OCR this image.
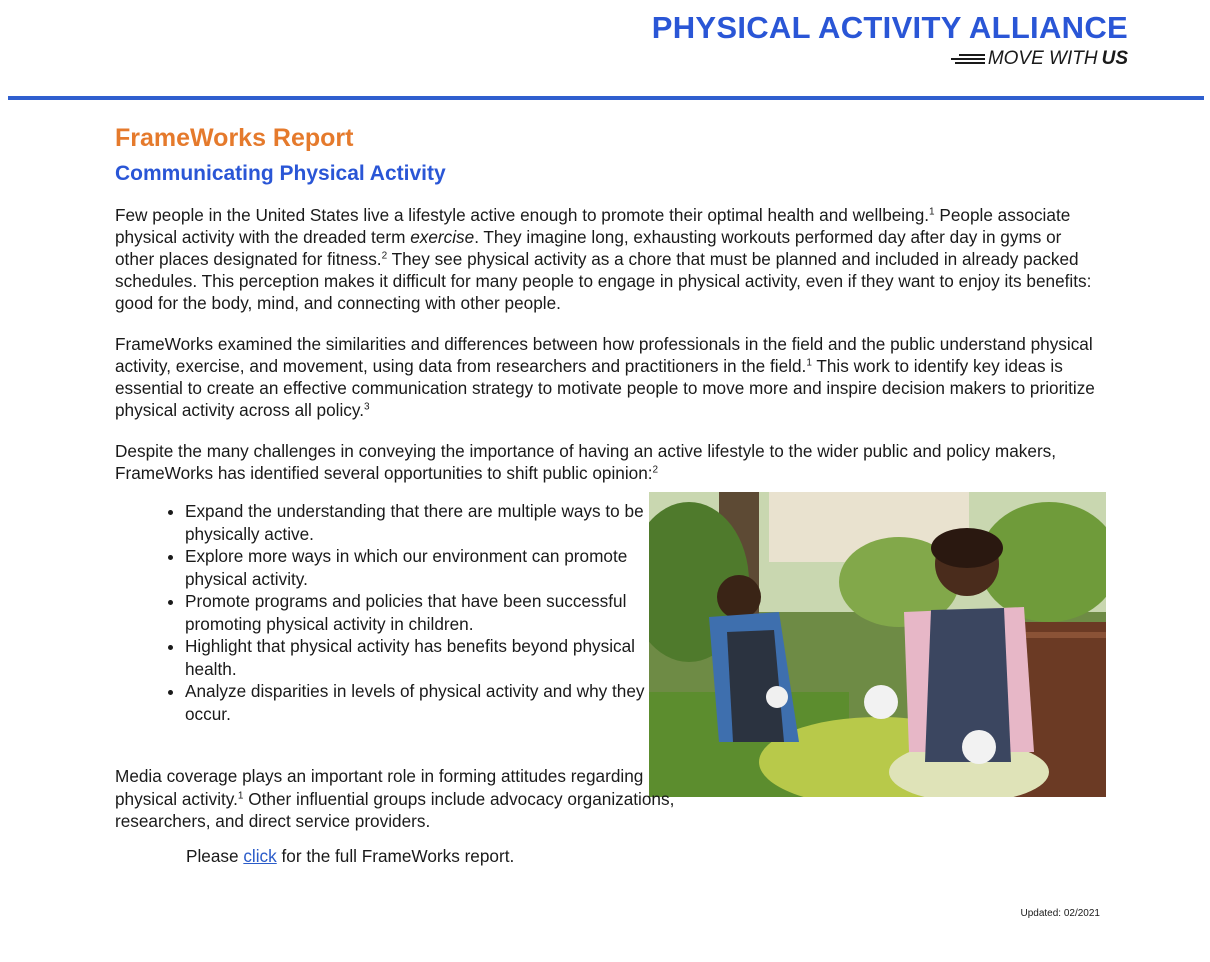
PHYSICAL ACTIVITY ALLIANCE
MOVE WITH US
FrameWorks Report
Communicating Physical Activity

Few people in the United States live a lifestyle active enough to promote their optimal health and wellbeing.$^1$ People associate physical activity with the dreaded term exercise. They imagine long, exhausting workouts performed day after day in gyms or other places designated for fitness.$^2$ They see physical activity as a chore that must be planned and included in already packed schedules. This perception makes it difficult for many people to engage in physical activity, even if they want to enjoy its benefits: good for the body, mind, and connecting with other people.

FrameWorks examined the similarities and differences between how professionals in the field and the public understand physical activity, exercise, and movement, using data from researchers and practitioners in the field.$^1$ This work to identify key ideas is essential to create an effective communication strategy to motivate people to move more and inspire decision makers to prioritize physical activity across all policy.$^3$

Despite the many challenges in conveying the importance of having an active lifestyle to the wider public and policy makers, FrameWorks has identified several opportunities to shift public opinion:$^2$

• Expand the understanding that there are multiple ways to be physically active.
• Explore more ways in which our environment can promote physical activity.
• Promote programs and policies that have been successful promoting physical activity in children.
• Highlight that physical activity has benefits beyond physical health.
• Analyze disparities in levels of physical activity and why they occur.

Media coverage plays an important role in forming attitudes regarding physical activity.$^1$ Other influential groups include advocacy organizations, researchers, and direct service providers.

Please click for the full FrameWorks report.
Updated: 02/2021
